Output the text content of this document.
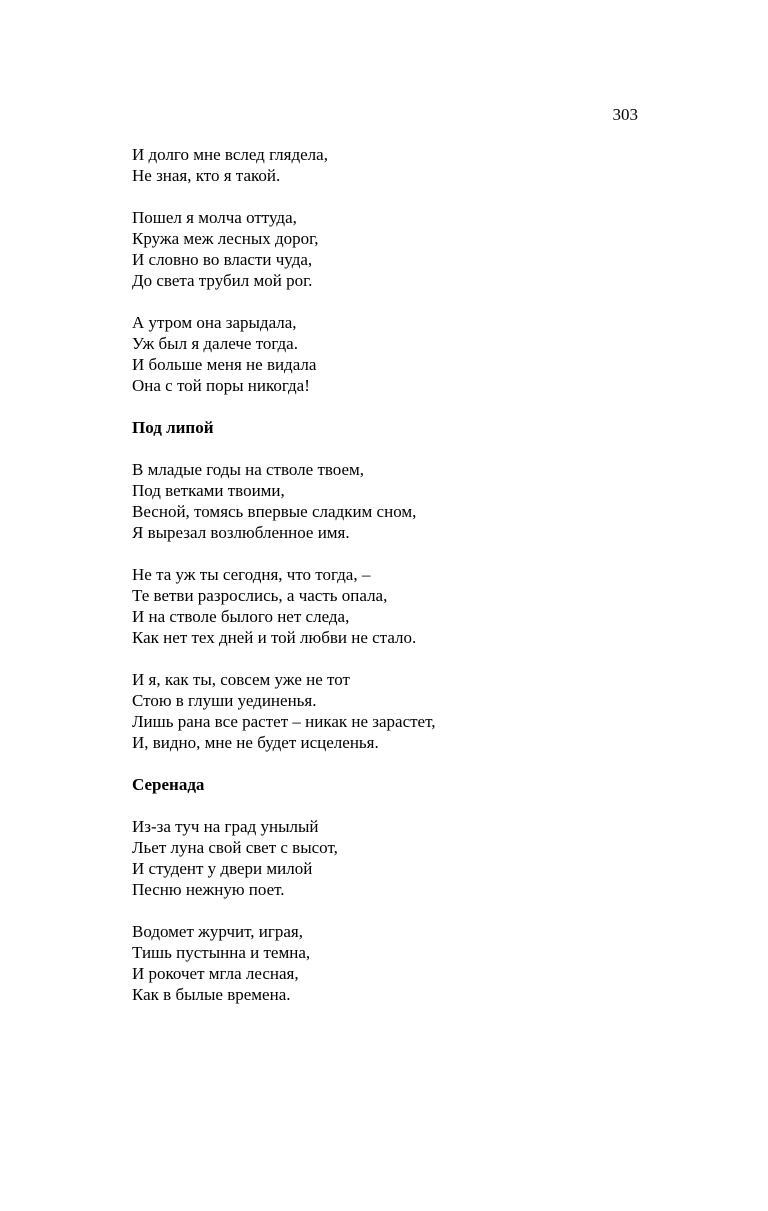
303
И долго мне вслед глядела,
Не зная, кто я такой.
Пошел я молча оттуда,
Кружа меж лесных дорог,
И словно во власти чуда,
До света трубил мой рог.
А утром она зарыдала,
Уж был я далече тогда.
И больше меня не видала
Она с той поры никогда!
Под липой
В младые годы на стволе твоем,
Под ветками твоими,
Весной, томясь впервые сладким сном,
Я вырезал возлюбленное имя.
Не та уж ты сегодня, что тогда, –
Те ветви разрослись, а часть опала,
И на стволе былого нет следа,
Как нет тех дней и той любви не стало.
И я, как ты, совсем уже не тот
Стою в глуши уединенья.
Лишь рана все растет – никак не зарастет,
И, видно, мне не будет исцеленья.
Серенада
Из-за туч на град унылый
Льет луна свой свет с высот,
И студент у двери милой
Песню нежную поет.
Водомет журчит, играя,
Тишь пустынна и темна,
И рокочет мгла лесная,
Как в былые времена.
